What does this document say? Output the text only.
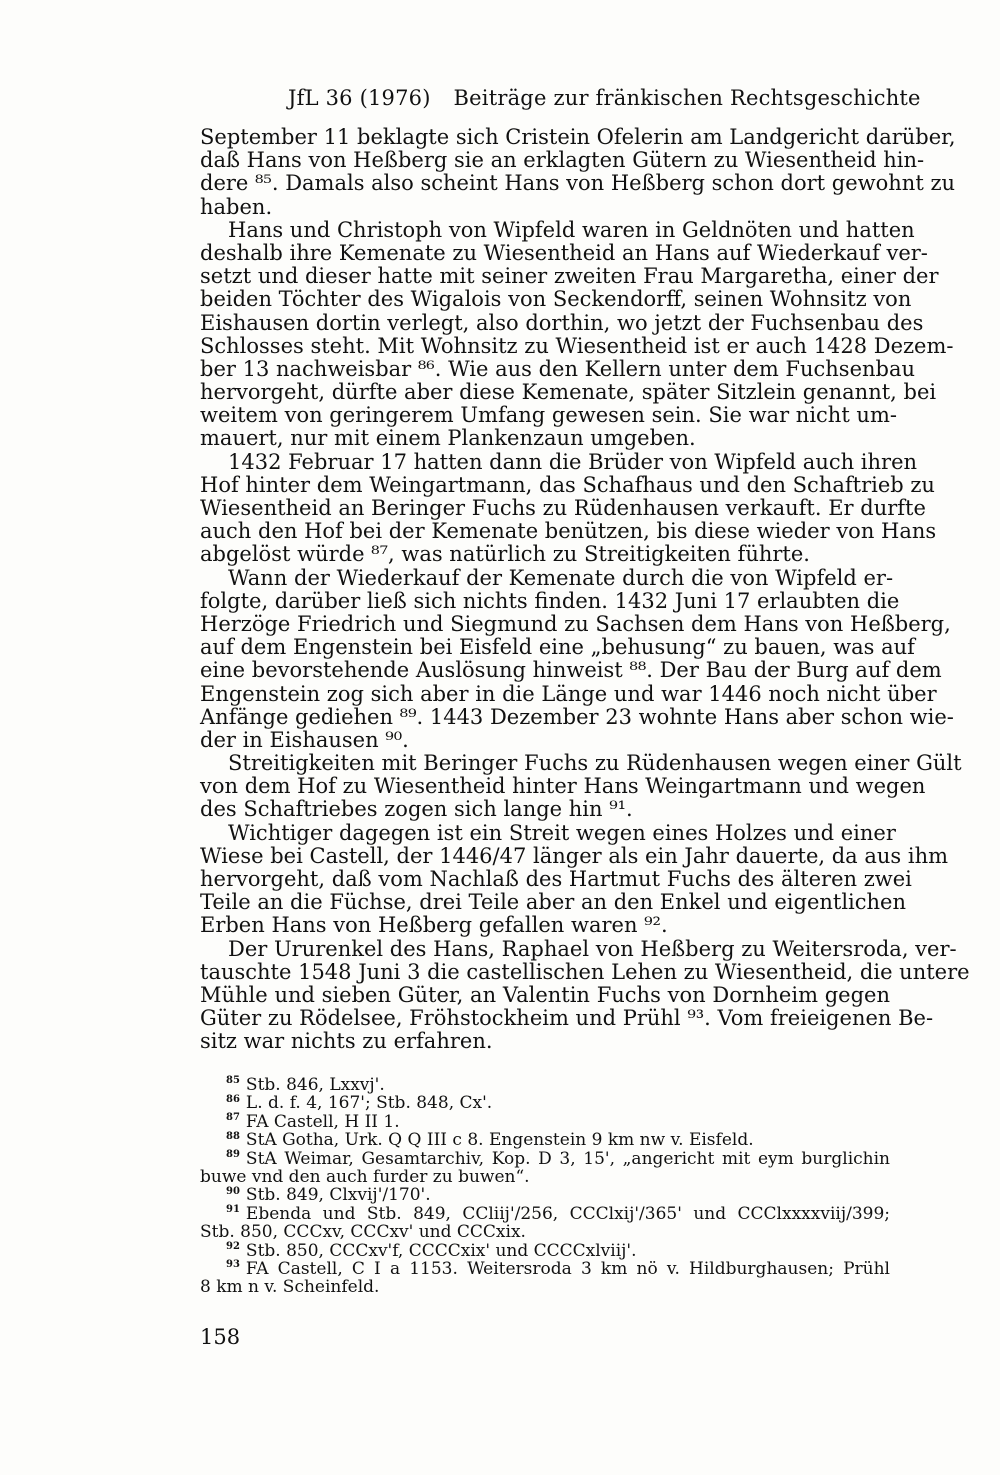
JfL 36 (1976) Beiträge zur fränkischen Rechtsgeschichte
September 11 beklagte sich Cristein Ofelerin am Landgericht darüber,
daß Hans von Heßberg sie an erklagten Gütern zu Wiesentheid hin-
dere ⁸⁵. Damals also scheint Hans von Heßberg schon dort gewohnt zu
haben.
Hans und Christoph von Wipfeld waren in Geldnöten und hatten
deshalb ihre Kemenate zu Wiesentheid an Hans auf Wiederkauf ver-
setzt und dieser hatte mit seiner zweiten Frau Margaretha, einer der
beiden Töchter des Wigalois von Seckendorff, seinen Wohnsitz von
Eishausen dortin verlegt, also dorthin, wo jetzt der Fuchsenbau des
Schlosses steht. Mit Wohnsitz zu Wiesentheid ist er auch 1428 Dezem-
ber 13 nachweisbar ⁸⁶. Wie aus den Kellern unter dem Fuchsenbau
hervorgeht, dürfte aber diese Kemenate, später Sitzlein genannt, bei
weitem von geringerem Umfang gewesen sein. Sie war nicht um-
mauert, nur mit einem Plankenzaun umgeben.
1432 Februar 17 hatten dann die Brüder von Wipfeld auch ihren
Hof hinter dem Weingartmann, das Schafhaus und den Schaftrieb zu
Wiesentheid an Beringer Fuchs zu Rüdenhausen verkauft. Er durfte
auch den Hof bei der Kemenate benützen, bis diese wieder von Hans
abgelöst würde ⁸⁷, was natürlich zu Streitigkeiten führte.
Wann der Wiederkauf der Kemenate durch die von Wipfeld er-
folgte, darüber ließ sich nichts finden. 1432 Juni 17 erlaubten die
Herzöge Friedrich und Siegmund zu Sachsen dem Hans von Heßberg,
auf dem Engenstein bei Eisfeld eine „behusung“ zu bauen, was auf
eine bevorstehende Auslösung hinweist ⁸⁸. Der Bau der Burg auf dem
Engenstein zog sich aber in die Länge und war 1446 noch nicht über
Anfänge gediehen ⁸⁹. 1443 Dezember 23 wohnte Hans aber schon wie-
der in Eishausen ⁹⁰.
Streitigkeiten mit Beringer Fuchs zu Rüdenhausen wegen einer Gült
von dem Hof zu Wiesentheid hinter Hans Weingartmann und wegen
des Schaftriebes zogen sich lange hin ⁹¹.
Wichtiger dagegen ist ein Streit wegen eines Holzes und einer
Wiese bei Castell, der 1446/47 länger als ein Jahr dauerte, da aus ihm
hervorgeht, daß vom Nachlaß des Hartmut Fuchs des älteren zwei
Teile an die Füchse, drei Teile aber an den Enkel und eigentlichen
Erben Hans von Heßberg gefallen waren ⁹².
Der Ururenkel des Hans, Raphael von Heßberg zu Weitersroda, ver-
tauschte 1548 Juni 3 die castellischen Lehen zu Wiesentheid, die untere
Mühle und sieben Güter, an Valentin Fuchs von Dornheim gegen
Güter zu Rödelsee, Fröhstockheim und Prühl ⁹³. Vom freieigenen Be-
sitz war nichts zu erfahren.
$^{85}$ Stb. 846, Lxxvj'.
$^{86}$ L. d. f. 4, 167'; Stb. 848, Cx'.
$^{87}$ FA Castell, H II 1.
$^{88}$ StA Gotha, Urk. Q Q III c 8. Engenstein 9 km nw v. Eisfeld.
$^{89}$ StA Weimar, Gesamtarchiv, Kop. D 3, 15', „angericht mit eym burglichin
buwe vnd den auch furder zu buwen“.
$^{90}$ Stb. 849, Clxvij'/170'.
$^{91}$ Ebenda und Stb. 849, CCliij'/256, CCClxij'/365' und CCClxxxxviij/399;
Stb. 850, CCCxv, CCCxv' und CCCxix.
$^{92}$ Stb. 850, CCCxv'f, CCCCxix' und CCCCxlviij'.
$^{93}$ FA Castell, C I a 1153. Weitersroda 3 km nö v. Hildburghausen; Prühl
8 km n v. Scheinfeld.
158
